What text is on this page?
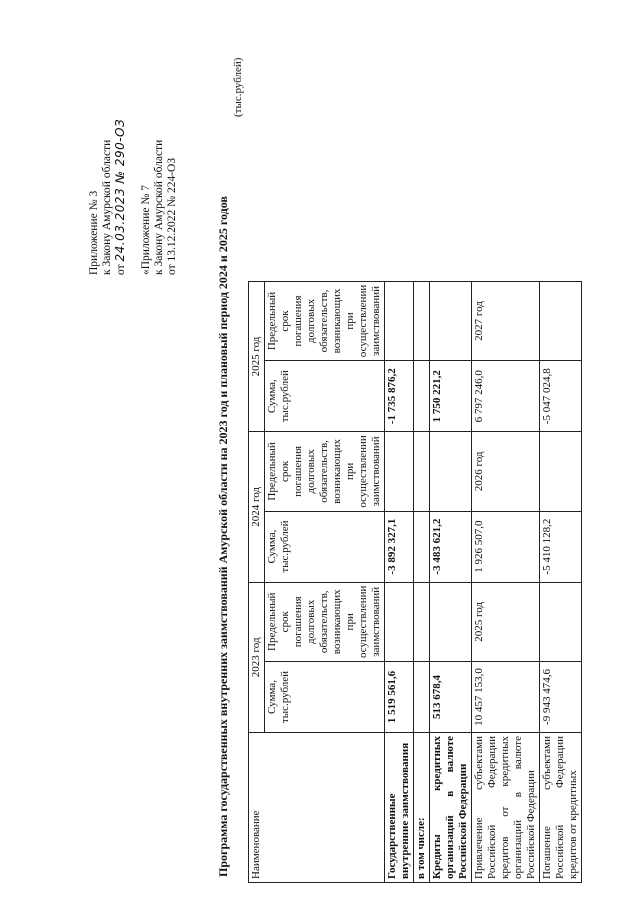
Приложение № 3 к Закону Амурской области от 24.03.2023 № 290-ОЗ «Приложение № 7 к Закону Амурской области от 13.12.2022 № 224-ОЗ	Программа государственных внутренних заимствований Амурской области на 2023 год и плановый период 2024 и 2025 годов
(тыс.рублей)
Наименование	2023 год		2024 год		2025 год	
	Сумма, тыс.рублей	Предельный срок погашения долговых обязательств, возникающих при осуществлении заимствований	Сумма, тыс.рублей	Предельный срок погашения долговых обязательств, возникающих при осуществлении заимствований	Сумма, тыс.рублей	Предельный срок погашения долговых обязательств, возникающих при осуществлении заимствований
Государственные внутренние заимствования	1 519 561,6		-3 892 327,1		-1 735 876,2	
в том числе:						
Кредиты кредитных организаций в валюте Российской Федерации	513 678,4		-3 483 621,2		1 750 221,2	
Привлечение субъектами Российской Федерации кредитов от кредитных организаций в валюте Российской Федерации	10 457 153,0	2025 год	1 926 507,0	2026 год	6 797 246,0	2027 год
Погашение субъектами Российской Федерации кредитов от кредитных	-9 943 474,6		-5 410 128,2		-5 047 024,8	
